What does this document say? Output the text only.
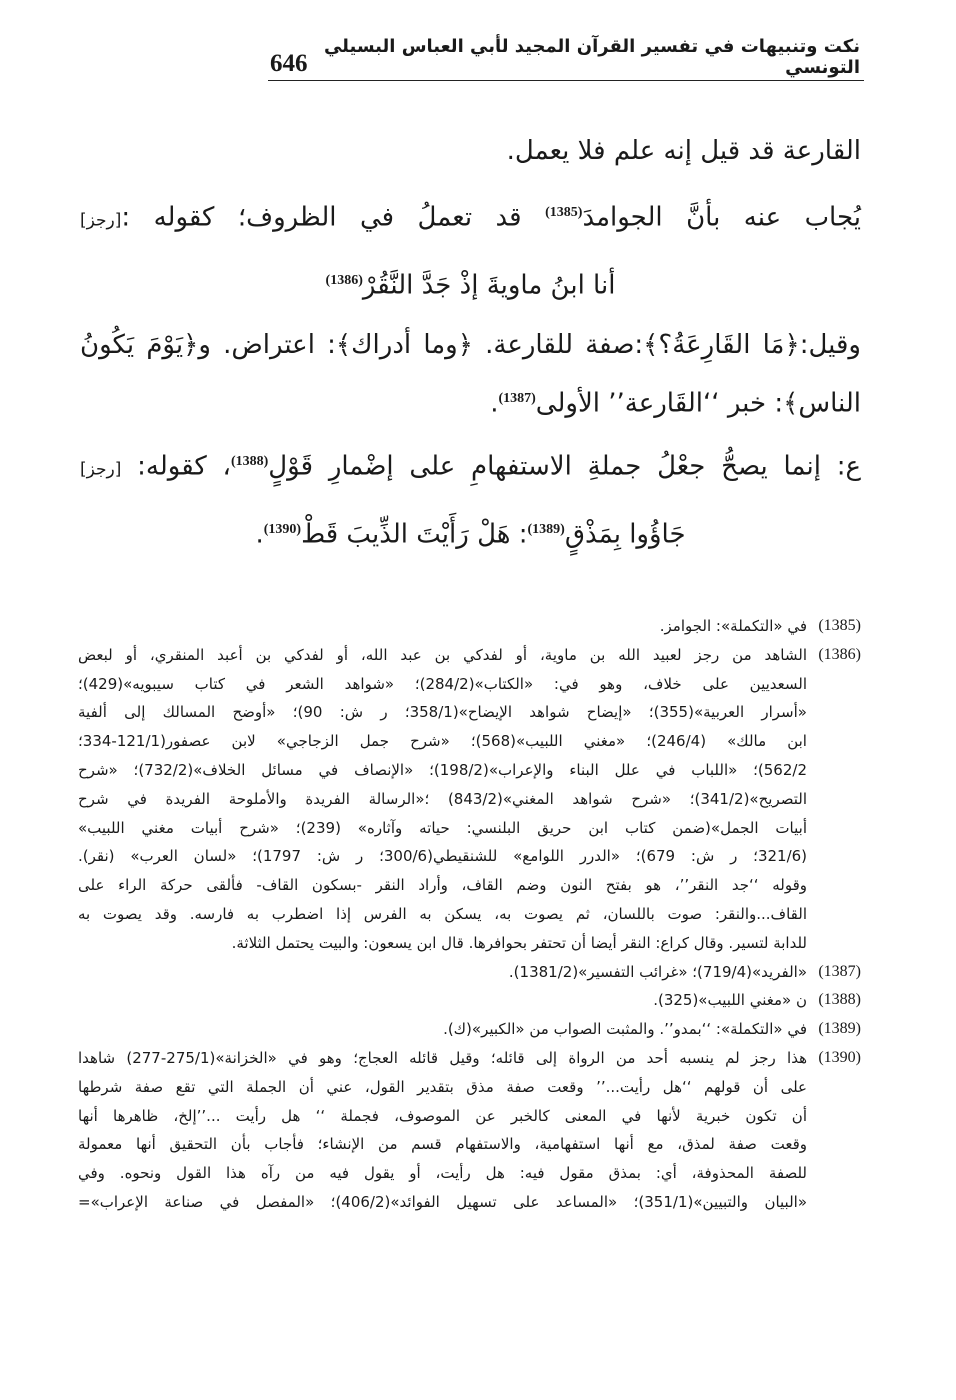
646
نكت وتنبيهات في تفسير القرآن المجيد لأبي العباس البسيلي التونسي

القارعة قد قيل إنه علم فلا يعمل.

يُجاب عنه بأنَّ الجوامدَ$^{(1385)}$ قد تعملُ في الظروف؛ كقوله :[رجز]

أنا ابنُ ماويةَ إذْ جَدَّ النَّقُرْ$^{(1386)}$

وقيل:﴿مَا القَارِعَةُ؟﴾:صفة للقارعة. ﴿وما أدراك﴾: اعتراض. و﴿يَوْمَ يَكُونُ

الناس﴾: خبر ‘‘القَارعة’’ الأولى$^{(1387)}$.

ع: إنما يصحُّ جعْلُ جملةِ الاستفهامِ على إضْمارِ قَوْلٍ$^{(1388)}$، كقوله: [رجز]

جَاؤُوا بِمَذْقٍ$^{(1389)}$: هَلْ رَأَيْتَ الذِّيبَ قَطْ$^{(1390)}$.

(1385)
في «التكملة»: الجوامز.
(1386)
الشاهد من رجز لعبيد الله بن ماوية، أو لفدكي بن عبد الله، أو لفدكي بن أعبد المنقري، أو لبعض
السعديين على خلاف، وهو في: «الكتاب»(284/2)؛ «شواهد الشعر في كتاب سيبويه»(429)؛
«أسرار العربية»(355)؛ «إيضاح شواهد الإيضاح»(358/1؛ ر ش: 90)؛ «أوضح المسالك إلى ألفية
ابن مالك» (246/4)؛ «مغني اللبيب»(568)؛ «شرح جمل الزجاجي» لابن عصفور(121/1-334؛
562/2)؛ «اللباب في علل البناء والإعراب»(198/2)؛ «الإنصاف في مسائل الخلاف»(732/2)؛ «شرح
التصريح»(341/2)؛ «شرح شواهد المغني»(843/2) ؛«الرسالة الفريدة والأملوحة الفريدة في شرح
أبيات الجمل»(ضمن كتاب ابن حريق البلنسي: حياته وآثاره» (239)؛ «شرح أبيات مغني اللبيب»
(321/6؛ ر ش: 679)؛ «الدرر اللوامع» للشنقيطي(300/6؛ ر ش: 1797)؛ «لسان العرب» (نقر).
وقوله ‘‘جد النقر’’، هو بفتح النون وضم القاف، وأراد النقر -بسكون القاف- فألقى حركة الراء على
القاف...والنقر: صوت باللسان، ثم يصوت به، يسكن به الفرس إذا اضطرب به فارسه. وقد يصوت به
للدابة لتسير. وقال كراع: النقر أيضا أن تحتفر بحوافرها. قال ابن يسعون: والبيت يحتمل الثلاثة.
(1387)
«الفريد»(719/4)؛ «غرائب التفسير»(1381/2).
(1388)
ن «مغني اللبيب»(325).
(1389)
في «التكملة»: ‘‘بمدو’’. والمثبت الصواب من «الكبير»(ك).
(1390)
هذا رجز لم ينسبه أحد من الرواة إلى قائله؛ وقيل قائله العجاج؛ وهو في «الخزانة»(275/1-277) شاهدا
على أن قولهم ‘‘هل رأيت...’’ وقعت صفة مذق بتقدير القول، عني أن الجملة التي تقع صفة شرطها
أن تكون خبرية لأنها في المعنى كالخبر عن الموصوف، فجملة ‘‘ هل رأيت ...’’إلخ، ظاهرها أنها
وقعت صفة لمذق، مع أنها استفهامية، والاستفهام قسم من الإنشاء؛ فأجاب بأن التحقيق أنها معمولة
للصفة المحذوفة، أي: بمذق مقول فيه: هل رأيت، أو يقول فيه من رآه هذا القول ونحوه. وفي
«البيان والتبيين»(351/1)؛ «المساعد على تسهيل الفوائد»(406/2)؛ «المفصل في صناعة الإعراب»=
